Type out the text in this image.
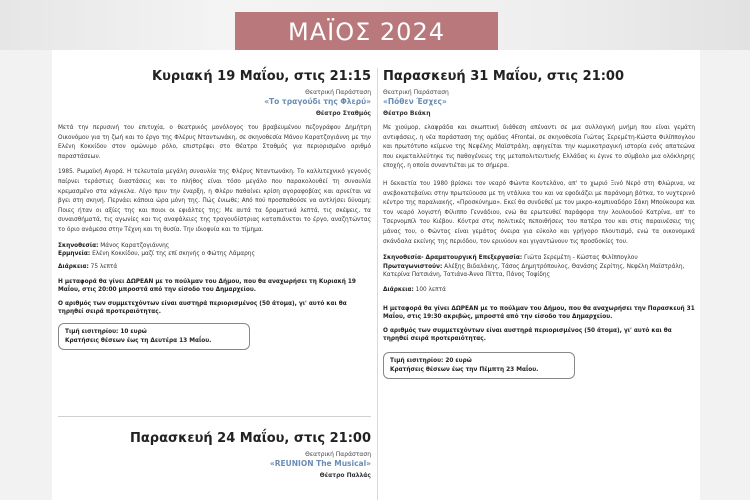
ΜΑΪΟΣ 2024
Κυριακή 19 Μαΐου, στις 21:15
Θεατρική Παράσταση
«Το τραγούδι της Φλερύ»
Θέατρο Σταθμός
Μετά την περυσινή του επιτυχία, ο θεατρικός μονόλογος του βραβευμένου πεζογράφου Δημήτρη Οικονόμου για τη ζωή και το έργο της Φλέρυς Νταντωνάκη, σε σκηνοθεσία Μάνου Καρατζογιάννη με την Ελένη Κοκκίδου στον ομώνυμο ρόλο, επιστρέφει στο Θέατρο Σταθμός για περιορισμένο αριθμό παραστάσεων.
1985. Ρωμαϊκή Αγορά. Η τελευταία μεγάλη συναυλία της Φλέρυς Νταντωνάκη. Το καλλιτεχνικό γεγονός παίρνει τεράστιες διαστάσεις και το πλήθος είναι τόσο μεγάλο που παρακολουθεί τη συναυλία κρεμασμένο στα κάγκελα. Λίγο πριν την έναρξη, η Φλέρυ παθαίνει κρίση αγοραφοβίας και αρνείται να βγει στη σκηνή. Περνάει κάποια ώρα μόνη της. Πώς ένιωθε; Από πού προσπαθούσε να αντλήσει δύναμη; Ποιες ήταν οι αξίες της και ποιοι οι εφιάλτες της; Με αυτά τα δραματικά λεπτά, τις σκέψεις, τα συναισθήματά, τις αγωνίες και τις αναφάλειες της τραγουδίστριας καταπιάνεται το έργο, αναζητώντας το όριο ανάμεσα στην Τέχνη και τη θυσία. Την ιδιοφυία και το τίμημα.
Σκηνοθεσία: Μάνος Καρατζογιάννης
Ερμηνεία: Ελένη Κοκκίδου, μαζί της επί σκηνής ο Φώτης Λάμαρης
Διάρκεια: 75 λεπτά
Η μεταφορά θα γίνει ΔΩΡΕΑΝ με το πούλμαν του Δήμου, που θα αναχωρήσει τη Κυριακή 19 Μαΐου, στις 20:00 μπροστά από την είσοδο του Δημαρχείου.
Ο αριθμός των συμμετεχόντων είναι αυστηρά περιορισμένος (50 άτομα), γι' αυτό και θα τηρηθεί σειρά προτεραιότητας.
Τιμή εισιτηρίου: 10 ευρώ
Κρατήσεις θέσεων έως τη Δευτέρα 13 Μαΐου.
Παρασκευή 24 Μαΐου, στις 21:00
Θεατρική Παράσταση
«REUNION The Musical»
Θέατρο Παλλάς
Παρασκευή 31 Μαΐου, στις 21:00
Θεατρική Παράσταση
«Πόθεν Έσχες»
Θέατρο Βεάκη
Με χιούμορ, ελαφράδα και σκωπτική διάθεση απέναντι σε μια συλλογική μνήμη που είναι γεμάτη αντιφάσεις, η νέα παράσταση της ομάδας 4Frontal, σε σκηνοθεσία Γιώτας Σερεμέτη-Κώστα Φιλίππογλου και πρωτότυπο κείμενο της Νεφέλης Μαϊστράλη, αφηγείται την κωμικοτραγική ιστορία ενός απατεώνα που εκμεταλλεύτηκε τις παθογένειες της μεταπολιτευτικής Ελλάδας κι έγινε το σύμβολο μια ολόκληρης εποχής, η οποία συναντιέται με το σήμερα.
Η δεκαετία του 1980 βρίσκει τον νεαρό Φώντα Κουτελάνο, απ' το χωριό Ξινό Νερό στη Φλώρινα, να ανεβοκατεβαίνει στην πρωτεύουσα με τη ντάλικα του και να εφοδιάζει με παράνομη βότκα, το νυχτερινό κέντρο της παραλιακής, «Προσκύνημα». Εκεί θα συνδεθεί με τον μικρο-κομπιναδόρο Σάκη Μπούκουρα και τον νεαρό λογιστή Φίλιππο Γεννάδιου, ενώ θα ερωτευθεί παράφορα την λουλουδού Κατρίνα, απ' το Τσερνομπίλ του Κιέβου. Κόντρα στις πολιτικές πεποιθήσεις του πατέρα του και στις παραινέσεις της μάνας του, ο Φώντας είναι γεμάτος όνειρα για εύκολο και γρήγορο πλουτισμό, ενώ τα οικονομικά σκάνδαλα εκείνης της περιόδου, τον ερινύουν και γιγαντώνουν τις προσδοκίες του.
Σκηνοθεσία- Δραματουργική Επεξεργασία: Γιώτα Σερεμέτη - Κώστας Φιλίππογλου
Πρωταγωνιστούν: Αλέξης Βιδαλάκης, Τάσος Δημητρόπουλος, Θανάσης Ζερίτης, Νεφέλη Μαϊστράλη, Κατερίνα Πατσιάνη, Τατιάνα-Άννα Πίττα, Πάνος Τοψίδης
Διάρκεια: 100 λεπτά
Η μεταφορά θα γίνει ΔΩΡΕΑΝ με το πούλμαν του Δήμου, που θα αναχωρήσει την Παρασκευή 31 Μαΐου, στις 19:30 ακριβώς, μπροστά από την είσοδο του Δημαρχείου.
Ο αριθμός των συμμετεχόντων είναι αυστηρά περιορισμένος (50 άτομα), γι' αυτό και θα τηρηθεί σειρά προτεραιότητας.
Τιμή εισιτηρίου: 20 ευρώ
Κρατήσεις θέσεων έως την Πέμπτη 23 Μαΐου.
